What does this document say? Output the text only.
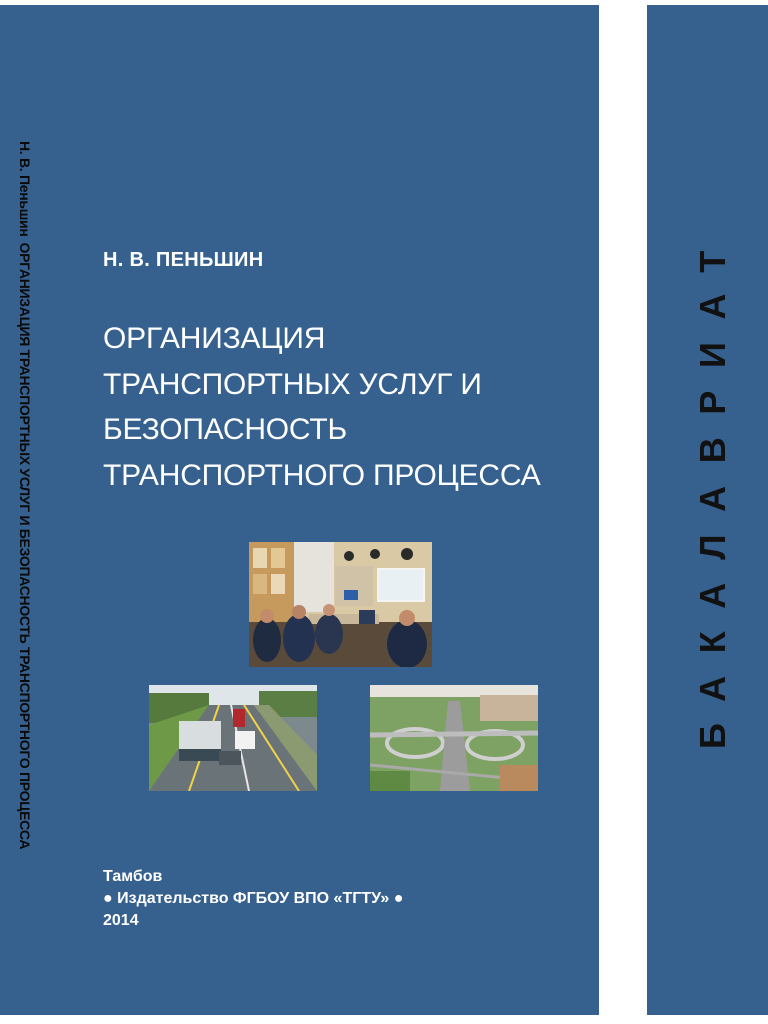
Н. В. ПеньшинОРГАНИЗАЦИЯ ТРАНСПОРТНЫХ УСЛУГ И БЕЗОПАСНОСТЬ ТРАНСПОРТНОГО ПРОЦЕССА	Н. В. ПЕНЬШИН
ОРГАНИЗАЦИЯ
ТРАНСПОРТНЫХ УСЛУГ И
БЕЗОПАСНОСТЬ
ТРАНСПОРТНОГО ПРОЦЕССА
Тамбов
● Издательство ФГБОУ ВПО «ТГТУ» ●
2014
БАКАЛАВРИАТ
